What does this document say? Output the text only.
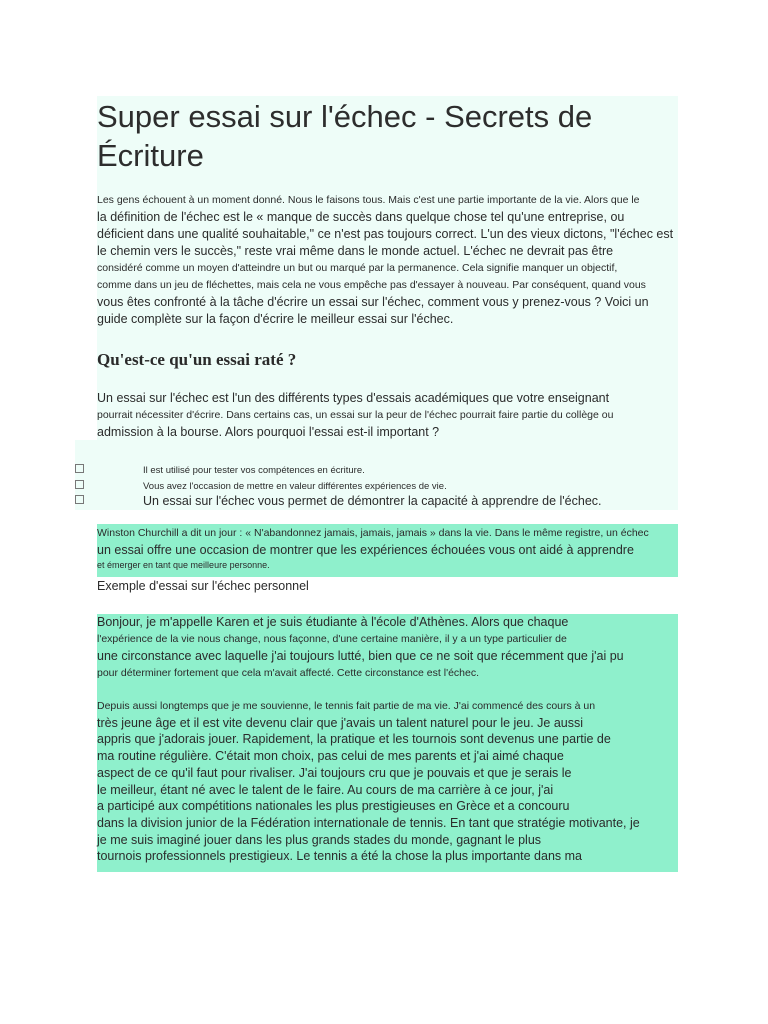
Super essai sur l'échec - Secrets de
Écriture
Les gens échouent à un moment donné. Nous le faisons tous. Mais c'est une partie importante de la vie. Alors que le
la définition de l'échec est le « manque de succès dans quelque chose tel qu'une entreprise, ou
déficient dans une qualité souhaitable," ce n'est pas toujours correct. L'un des vieux dictons, "l'échec est
le chemin vers le succès," reste vrai même dans le monde actuel. L'échec ne devrait pas être
considéré comme un moyen d'atteindre un but ou marqué par la permanence. Cela signifie manquer un objectif,
comme dans un jeu de fléchettes, mais cela ne vous empêche pas d'essayer à nouveau. Par conséquent, quand vous
vous êtes confronté à la tâche d'écrire un essai sur l'échec, comment vous y prenez-vous ? Voici un
guide complète sur la façon d'écrire le meilleur essai sur l'échec.
Qu'est-ce qu'un essai raté ?
Un essai sur l'échec est l'un des différents types d'essais académiques que votre enseignant
pourrait nécessiter d'écrire. Dans certains cas, un essai sur la peur de l'échec pourrait faire partie du collège ou
admission à la bourse. Alors pourquoi l'essai est-il important ?
Il est utilisé pour tester vos compétences en écriture.
Vous avez l'occasion de mettre en valeur différentes expériences de vie.
Un essai sur l'échec vous permet de démontrer la capacité à apprendre de l'échec.
Winston Churchill a dit un jour : « N'abandonnez jamais, jamais, jamais » dans la vie. Dans le même registre, un échec
un essai offre une occasion de montrer que les expériences échouées vous ont aidé à apprendre
et émerger en tant que meilleure personne.
Exemple d'essai sur l'échec personnel
Bonjour, je m'appelle Karen et je suis étudiante à l'école d'Athènes. Alors que chaque
l'expérience de la vie nous change, nous façonne, d'une certaine manière, il y a un type particulier de
une circonstance avec laquelle j'ai toujours lutté, bien que ce ne soit que récemment que j'ai pu
pour déterminer fortement que cela m'avait affecté. Cette circonstance est l'échec.
Depuis aussi longtemps que je me souvienne, le tennis fait partie de ma vie. J'ai commencé des cours à un
très jeune âge et il est vite devenu clair que j'avais un talent naturel pour le jeu. Je aussi
appris que j'adorais jouer. Rapidement, la pratique et les tournois sont devenus une partie de
ma routine régulière. C'était mon choix, pas celui de mes parents et j'ai aimé chaque
aspect de ce qu'il faut pour rivaliser. J'ai toujours cru que je pouvais et que je serais le
le meilleur, étant né avec le talent de le faire. Au cours de ma carrière à ce jour, j'ai
a participé aux compétitions nationales les plus prestigieuses en Grèce et a concouru
dans la division junior de la Fédération internationale de tennis. En tant que stratégie motivante, je
je me suis imaginé jouer dans les plus grands stades du monde, gagnant le plus
tournois professionnels prestigieux. Le tennis a été la chose la plus importante dans ma
